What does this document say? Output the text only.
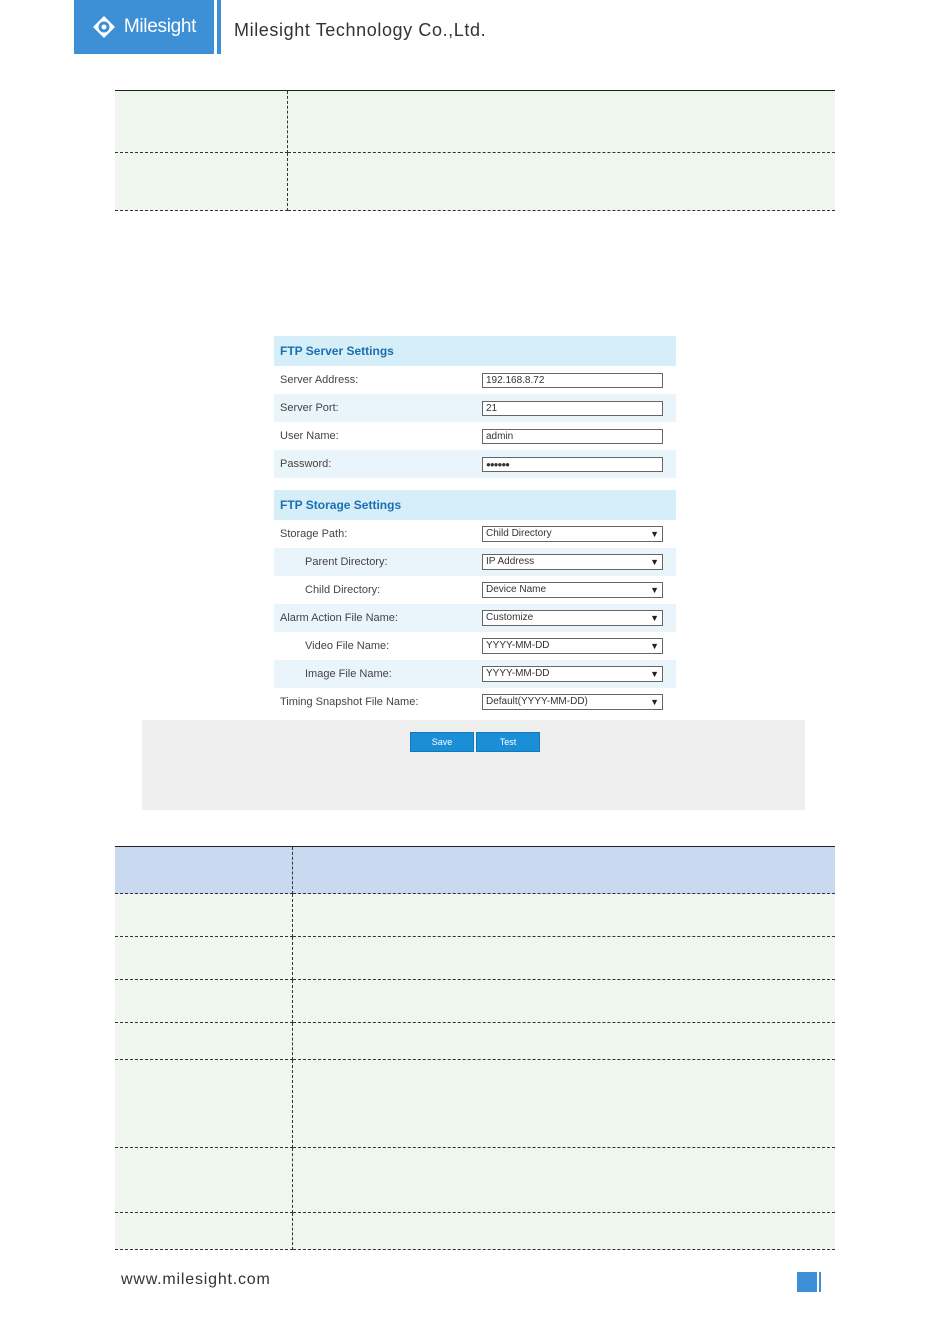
Milesight Milesight Technology Co.,Ltd.

FTP Server Settings
Server Address:	192.168.8.72
Server Port:	21
User Name:	admin
Password:	●●●●●●
FTP Storage Settings
Storage Path:	Child Directory	▼
Parent Directory:	IP Address	▼
Child Directory:	Device Name	▼
Alarm Action File Name:	Customize	▼
Video File Name:	YYYY-MM-DD	▼
Image File Name:	YYYY-MM-DD	▼
Timing Snapshot File Name:	Default(YYYY-MM-DD)	▼
Save	Test

www.milesight.com
